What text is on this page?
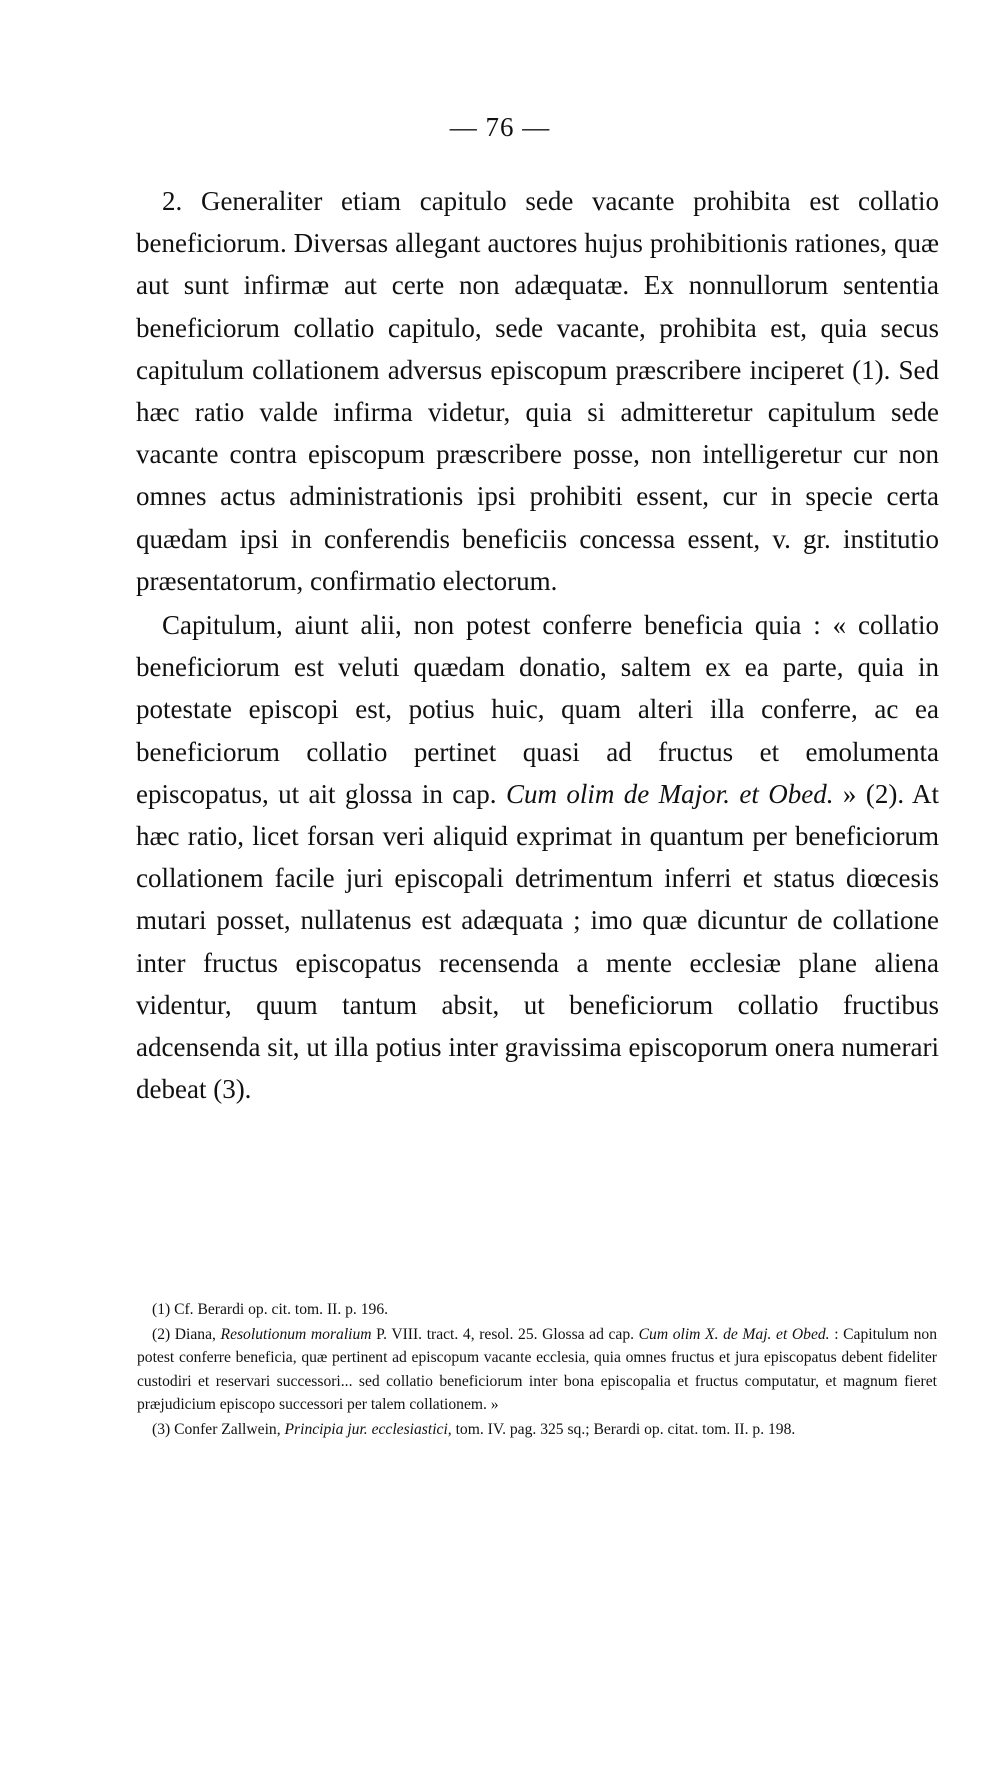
— 76 —

2. Generaliter etiam capitulo sede vacante prohibita est collatio beneficiorum. Diversas allegant auctores hujus prohibitionis rationes, quæ aut sunt infirmæ aut certe non adæquatæ. Ex nonnullorum sententia beneficiorum collatio capitulo, sede vacante, prohibita est, quia secus capitulum collationem adversus episcopum præscribere inciperet (1). Sed hæc ratio valde infirma videtur, quia si admitteretur capitulum sede vacante contra episcopum præscribere posse, non intelligeretur cur non omnes actus administrationis ipsi prohibiti essent, cur in specie certa quædam ipsi in conferendis beneficiis concessa essent, v. gr. institutio præsentatorum, confirmatio electorum.

Capitulum, aiunt alii, non potest conferre beneficia quia : « collatio beneficiorum est veluti quædam donatio, saltem ex ea parte, quia in potestate episcopi est, potius huic, quam alteri illa conferre, ac ea beneficiorum collatio pertinet quasi ad fructus et emolumenta episcopatus, ut ait glossa in cap. Cum olim de Major. et Obed. » (2). At hæc ratio, licet forsan veri aliquid exprimat in quantum per beneficiorum collationem facile juri episcopali detrimentum inferri et status diœcesis mutari posset, nullatenus est adæquata ; imo quæ dicuntur de collatione inter fructus episcopatus recensenda a mente ecclesiæ plane aliena videntur, quum tantum absit, ut beneficiorum collatio fructibus adcensenda sit, ut illa potius inter gravissima episcoporum onera numerari debeat (3).

(1) Cf. Berardi op. cit. tom. II. p. 196.

(2) Diana, Resolutionum moralium P. VIII. tract. 4, resol. 25. Glossa ad cap. Cum olim X. de Maj. et Obed. : Capitulum non potest conferre beneficia, quæ pertinent ad episcopum vacante ecclesia, quia omnes fructus et jura episcopatus debent fideliter custodiri et reservari successori... sed collatio beneficiorum inter bona episcopalia et fructus computatur, et magnum fieret præjudicium episcopo successori per talem collationem. »

(3) Confer Zallwein, Principia jur. ecclesiastici, tom. IV. pag. 325 sq.; Berardi op. citat. tom. II. p. 198.
